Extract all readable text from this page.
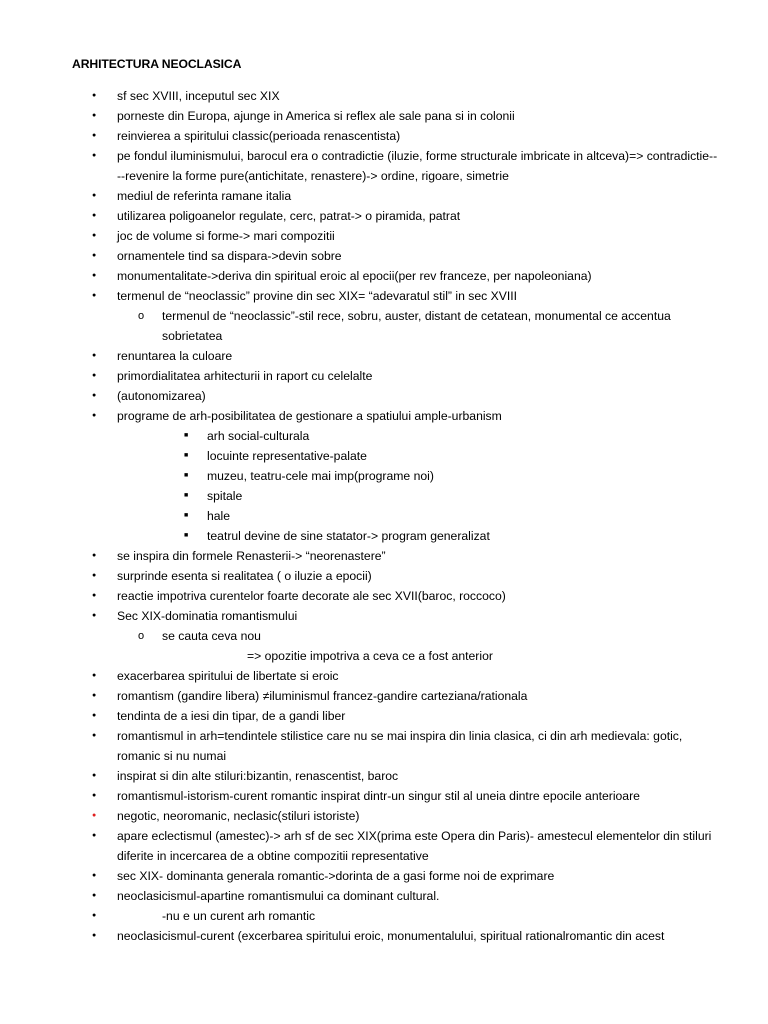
ARHITECTURA NEOCLASICA
●
sf sec XVIII, inceputul sec XIX
●
porneste din Europa, ajunge in America si reflex ale sale pana si in colonii
●
reinvierea a spiritului classic(perioada renascentista)
●
pe fondul iluminismului, barocul era o contradictie (iluzie, forme structurale imbricate in altceva)=> contradictie----revenire la forme pure(antichitate, renastere)-> ordine, rigoare, simetrie
●
mediul de referinta ramane italia
●
utilizarea poligoanelor regulate, cerc, patrat-> o piramida, patrat
●
joc de volume si forme-> mari compozitii
●
ornamentele tind sa dispara->devin sobre
●
monumentalitate->deriva din spiritual eroic al epocii(per rev franceze, per napoleoniana)
●
termenul de “neoclassic” provine din sec XIX= “adevaratul stil” in sec XVIII
o
termenul de “neoclassic”-stil rece, sobru, auster, distant de cetatean, monumental ce accentua sobrietatea
●
renuntarea la culoare
●
primordialitatea arhitecturii in raport cu celelalte
●
(autonomizarea)
●
programe de arh-posibilitatea de gestionare a spatiului ample-urbanism
■
arh social-culturala
■
locuinte representative-palate
■
muzeu, teatru-cele mai imp(programe noi)
■
spitale
■
hale
■
teatrul devine de sine statator-> program generalizat
●
se inspira din formele Renasterii-> “neorenastere”
●
surprinde esenta si realitatea ( o iluzie a epocii)
●
reactie impotriva curentelor foarte decorate ale sec XVII(baroc, roccoco)
●
Sec XIX-dominatia romantismului
o
se cauta ceva nou
=> opozitie impotriva a ceva ce a fost anterior
●
exacerbarea spiritului de libertate si eroic
●
romantism (gandire libera) ≠iluminismul francez-gandire carteziana/rationala
●
tendinta de a iesi din tipar, de a gandi liber
●
romantismul in arh=tendintele stilistice care nu se mai inspira din linia clasica, ci din arh medievala: gotic, romanic si nu numai
●
inspirat si din alte stiluri:bizantin, renascentist, baroc
●
romantismul-istorism-curent romantic inspirat dintr-un singur stil al uneia dintre epocile anterioare
●
negotic, neoromanic, neclasic(stiluri istoriste)
●
apare eclectismul (amestec)-> arh sf de sec XIX(prima este Opera din Paris)- amestecul elementelor din stiluri diferite in incercarea de a obtine compozitii representative
●
sec XIX- dominanta generala romantic->dorinta de a gasi forme noi de exprimare
●
neoclasicismul-apartine romantismului ca dominant cultural.
●
-nu e un curent arh romantic
●
neoclasicismul-curent (excerbarea spiritului eroic, monumentalului, spiritual rationalromantic din acest
